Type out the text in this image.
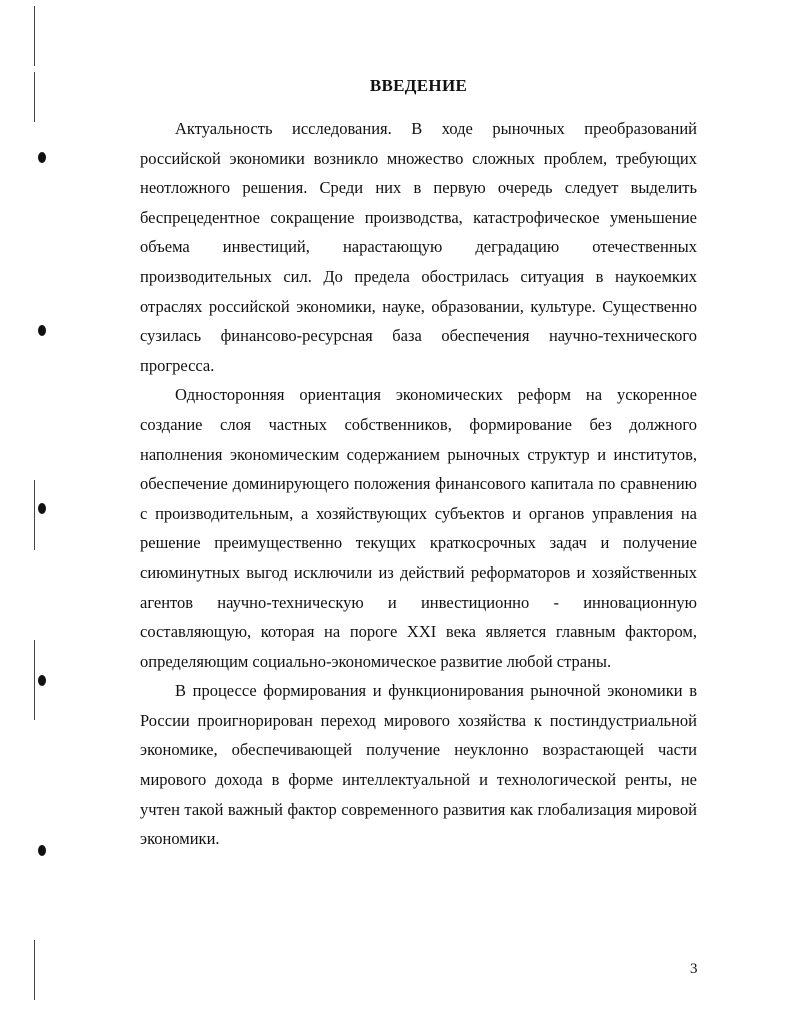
ВВЕДЕНИЕ

Актуальность исследования. В ходе рыночных преобразований российской экономики возникло множество сложных проблем, требующих неотложного решения. Среди них в первую очередь следует выделить беспрецедентное сокращение производства, катастрофическое уменьшение объема инвестиций, нарастающую деградацию отечественных производительных сил. До предела обострилась ситуация в наукоемких отраслях российской экономики, науке, образовании, культуре. Существенно сузилась финансово-ресурсная база обеспечения научно-технического прогресса.

Односторонняя ориентация экономических реформ на ускоренное создание слоя частных собственников, формирование без должного наполнения экономическим содержанием рыночных структур и институтов, обеспечение доминирующего положения финансового капитала по сравнению с производительным, а хозяйствующих субъектов и органов управления на решение преимущественно текущих краткосрочных задач и получение сиюминутных выгод исключили из действий реформаторов и хозяйственных агентов научно-техническую и инвестиционно - инновационную составляющую, которая на пороге XXI века является главным фактором, определяющим социально-экономическое развитие любой страны.

В процессе формирования и функционирования рыночной экономики в России проигнорирован переход мирового хозяйства к постиндустриальной экономике, обеспечивающей получение неуклонно возрастающей части мирового дохода в форме интеллектуальной и технологической ренты, не учтен такой важный фактор современного развития как глобализация мировой экономики.

3
